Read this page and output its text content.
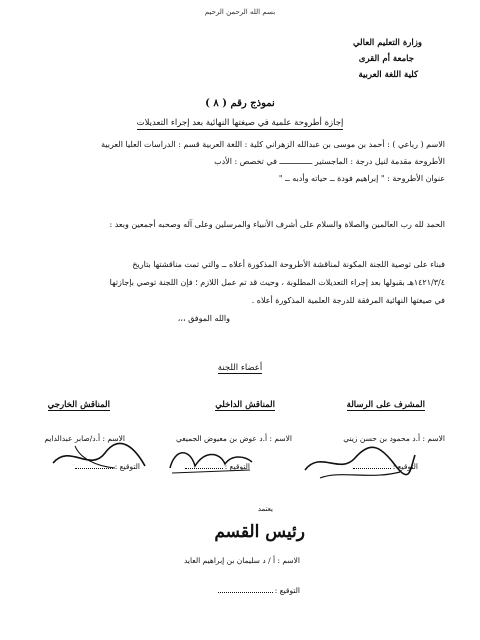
بسم الله الرحمن الرحيم
وزارة التعليم العالي
جامعة أم القرى
كلية اللغة العربية
نموذج رقم ( ٨ )
إجازة أطروحة علمية في صيغتها النهائية بعد إجراء التعديلات
الاسم ( رباعي ) : أحمد بن موسى بن عبدالله الزهراني كلية : اللغة العربية قسم : الدراسات العليا العربية
الأطروحة مقدمة لنيل درجة : الماجستير ــــــــــــــ في تخصص : الأدب
عنوان الأطروحة : " إبراهيم فودة ــ حياته وأدبه ــ "
الحمد لله رب العالمين والصلاة والسلام على أشرف الأنبياء والمرسلين وعلى آله وصحبه أجمعين وبعد :
فبناء على توصية اللجنة المكونة لمناقشة الأطروحة المذكورة أعلاه ــ والتي تمت مناقشتها بتاريخ
١٤٢١/٣/٤هـ بقبولها بعد إجراء التعديلات المطلوبة ، وحيث قد تم عمل اللازم ؛ فإن اللجنة توصي بإجازتها
في صيغتها النهائية المرفقة للدرجة العلمية المذكورة أعلاه .
والله الموفق ،،،
أعضاء اللجنة
المشرف على الرسالة
المناقش الداخلي
المناقش الخارجي
الاسم : أ.د محمود بن حسن زيني
الاسم : أ.د عوض بن معيوض الجميعي
الاسم : أ.د/صابر عبدالدايم
التوقيع :
التوقيع :
التوقيع :
يعتمد
رئيس القسم
الاسم : أ / د سليمان بن إبراهيم العايد
التوقيع :
